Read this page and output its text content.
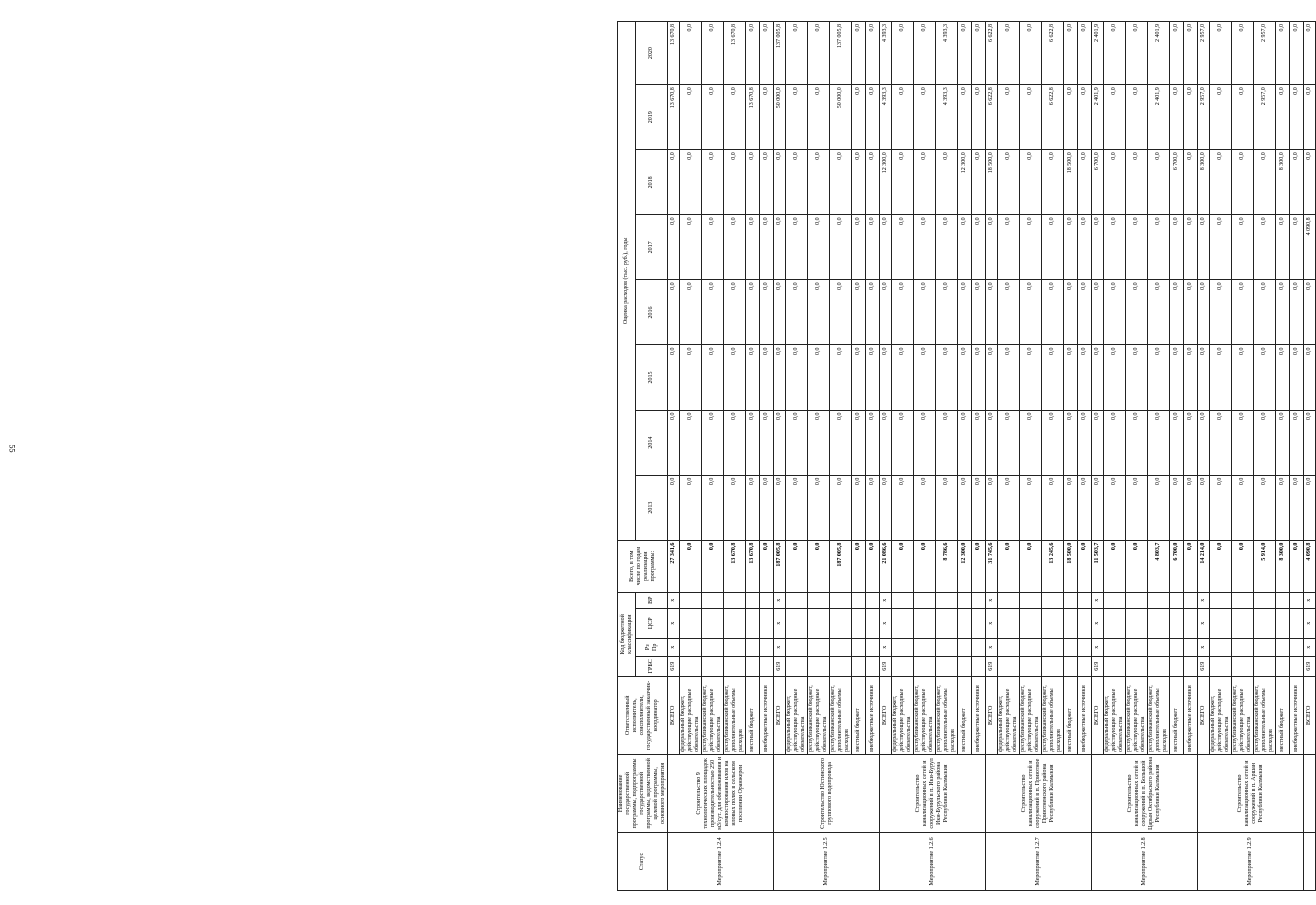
55
Статус	Наименование государственной программы, подпрограммы государственной программы, ведомственной целевой программы, основного мероприятия	Ответственный исполнитель, соисполнители, государственный заказчик-координатор	Код бюджетной классификации				Всего, в том числе по годам реализации программы:	Оценка расходов (тыс. руб.), годы							
			ГРБС	Рз Пр	ЦСР	ВР		2013	2014	2015	2016	2017	2018	2019	2020
Мероприятие 1.2.4	Строительство 9 технологических площадок производительностью 250 м3/сут. для обезвоживания и компостирования илов на иловых полях в сельском поселении Оранжереи	ВСЕГО	619	х	х	х	27 341,6	0,0	0,0	0,0	0,0	0,0	0,0	13 670,8	13 670,8
		федеральный бюджет, действующие расходные обязательства					0,0	0,0	0,0	0,0	0,0	0,0	0,0	0,0	0,0
		республиканский бюджет, действующие расходные обязательства					0,0	0,0	0,0	0,0	0,0	0,0	0,0	0,0	0,0
		республиканский бюджет, дополнительные объемы расходов					13 670,8	0,0	0,0	0,0	0,0	0,0	0,0	0,0	13 670,8
		местный бюджет					13 670,8	0,0	0,0	0,0	0,0	0,0	0,0	13 670,8	0,0
		внебюджетные источники					0,0	0,0	0,0	0,0	0,0	0,0	0,0	0,0	0,0
Мероприятие 1.2.5	Строительство Юстинского группового водопровода	ВСЕГО	619	х	х	х	187 005,8	0,0	0,0	0,0	0,0	0,0	0,0	50 000,0	137 005,8
		федеральный бюджет, действующие расходные обязательства					0,0	0,0	0,0	0,0	0,0	0,0	0,0	0,0	0,0
		республиканский бюджет, действующие расходные обязательства					0,0	0,0	0,0	0,0	0,0	0,0	0,0	0,0	0,0
		республиканский бюджет, дополнительные объемы расходов					187 005,8	0,0	0,0	0,0	0,0	0,0	0,0	50 000,0	137 005,8
		местный бюджет					0,0	0,0	0,0	0,0	0,0	0,0	0,0	0,0	0,0
		внебюджетные источники					0,0	0,0	0,0	0,0	0,0	0,0	0,0	0,0	0,0
Мероприятие 1.2.6	Строительство канализационных сетей и сооружений в п. Ики-Бурул Ики-Бурульского района Республики Калмыкия	ВСЕГО	619	х	х	х	21 086,6	0,0	0,0	0,0	0,0	0,0	12 300,0	4 393,3	4 393,3
		федеральный бюджет, действующие расходные обязательства					0,0	0,0	0,0	0,0	0,0	0,0	0,0	0,0	0,0
		республиканский бюджет, действующие расходные обязательства					0,0	0,0	0,0	0,0	0,0	0,0	0,0	0,0	0,0
		республиканский бюджет, дополнительные объемы расходов					8 786,6	0,0	0,0	0,0	0,0	0,0	0,0	4 393,3	4 393,3
		местный бюджет					12 300,0	0,0	0,0	0,0	0,0	0,0	12 300,0	0,0	0,0
		внебюджетные источники					0,0	0,0	0,0	0,0	0,0	0,0	0,0	0,0	0,0
Мероприятие 1.2.7	Строительство канализационных сетей и сооружений в п. Приютное Приютненского района Республики Калмыкия	ВСЕГО	619	х	х	х	31 745,6	0,0	0,0	0,0	0,0	0,0	18 500,0	6 622,8	6 622,8
		федеральный бюджет, действующие расходные обязательства					0,0	0,0	0,0	0,0	0,0	0,0	0,0	0,0	0,0
		республиканский бюджет, действующие расходные обязательства					0,0	0,0	0,0	0,0	0,0	0,0	0,0	0,0	0,0
		республиканский бюджет, дополнительные объемы расходов					13 245,6	0,0	0,0	0,0	0,0	0,0	0,0	6 622,8	6 622,8
		местный бюджет					18 500,0	0,0	0,0	0,0	0,0	0,0	18 500,0	0,0	0,0
		внебюджетные источники					0,0	0,0	0,0	0,0	0,0	0,0	0,0	0,0	0,0
Мероприятие 1.2.8	Строительство канализационных сетей и сооружений в п. Большой Царын Октябрьского района Республики Калмыкия	ВСЕГО	619	х	х	х	11 503,7	0,0	0,0	0,0	0,0	0,0	6 700,0	2 401,9	2 401,9
		федеральный бюджет, действующие расходные обязательства					0,0	0,0	0,0	0,0	0,0	0,0	0,0	0,0	0,0
		республиканский бюджет, действующие расходные обязательства					0,0	0,0	0,0	0,0	0,0	0,0	0,0	0,0	0,0
		республиканский бюджет, дополнительные объемы расходов					4 803,7	0,0	0,0	0,0	0,0	0,0	0,0	2 401,9	2 401,9
		местный бюджет					6 700,0	0,0	0,0	0,0	0,0	0,0	6 700,0	0,0	0,0
		внебюджетные источники					0,0	0,0	0,0	0,0	0,0	0,0	0,0	0,0	0,0
Мероприятие 1.2.9	Строительство канализационных сетей и сооружений в п. Аршан Республики Калмыкия	ВСЕГО	619	х	х	х	14 214,0	0,0	0,0	0,0	0,0	0,0	8 300,0	2 957,0	2 957,0
		федеральный бюджет, действующие расходные обязательства					0,0	0,0	0,0	0,0	0,0	0,0	0,0	0,0	0,0
		республиканский бюджет, действующие расходные обязательства					0,0	0,0	0,0	0,0	0,0	0,0	0,0	0,0	0,0
		республиканский бюджет, дополнительные объемы расходов					5 914,0	0,0	0,0	0,0	0,0	0,0	0,0	2 957,0	2 957,0
		местный бюджет					8 300,0	0,0	0,0	0,0	0,0	0,0	8 300,0	0,0	0,0
		внебюджетные источники					0,0	0,0	0,0	0,0	0,0	0,0	0,0	0,0	0,0
		ВСЕГО	619	х	х	х	4 090,8	0,0	0,0	0,0	0,0	4 090,8	0,0	0,0	0,0
